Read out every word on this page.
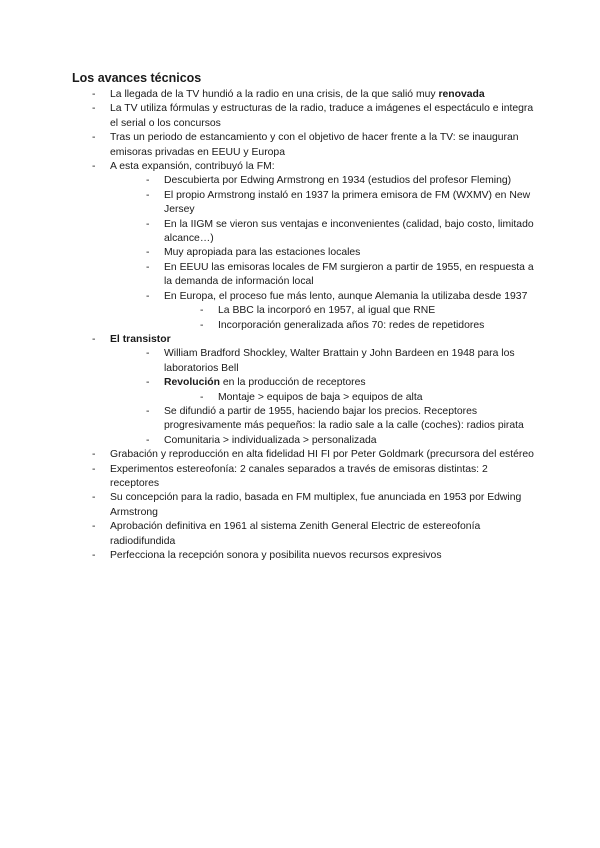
Los avances técnicos
- La llegada de la TV hundió a la radio en una crisis, de la que salió muy renovada
- La TV utiliza fórmulas y estructuras de la radio, traduce a imágenes el espectáculo e integra el serial o los concursos
- Tras un periodo de estancamiento y con el objetivo de hacer frente a la TV: se inauguran emisoras privadas en EEUU y Europa
- A esta expansión, contribuyó la FM:
- Descubierta por Edwing Armstrong en 1934 (estudios del profesor Fleming)
- El propio Armstrong instaló en 1937 la primera emisora de FM (WXMV) en New Jersey
- En la IIGM se vieron sus ventajas e inconvenientes (calidad, bajo costo, limitado alcance…)
- Muy apropiada para las estaciones locales
- En EEUU las emisoras locales de FM surgieron a partir de 1955, en respuesta a la demanda de información local
- En Europa, el proceso fue más lento, aunque Alemania la utilizaba desde 1937
- La BBC la incorporó en 1957, al igual que RNE
- Incorporación generalizada años 70: redes de repetidores
- El transistor
- William Bradford Shockley, Walter Brattain y John Bardeen en 1948 para los laboratorios Bell
- Revolución en la producción de receptores
- Montaje > equipos de baja > equipos de alta
- Se difundió a partir de 1955, haciendo bajar los precios. Receptores progresivamente más pequeños: la radio sale a la calle (coches): radios pirata
- Comunitaria > individualizada > personalizada
- Grabación y reproducción en alta fidelidad HI FI por Peter Goldmark (precursora del estéreo
- Experimentos estereofonía: 2 canales separados a través de emisoras distintas: 2 receptores
- Su concepción para la radio, basada en FM multiplex, fue anunciada en 1953 por Edwing Armstrong
- Aprobación definitiva en 1961 al sistema Zenith General Electric de estereofonía radiodifundida
- Perfecciona la recepción sonora y posibilita nuevos recursos expresivos
